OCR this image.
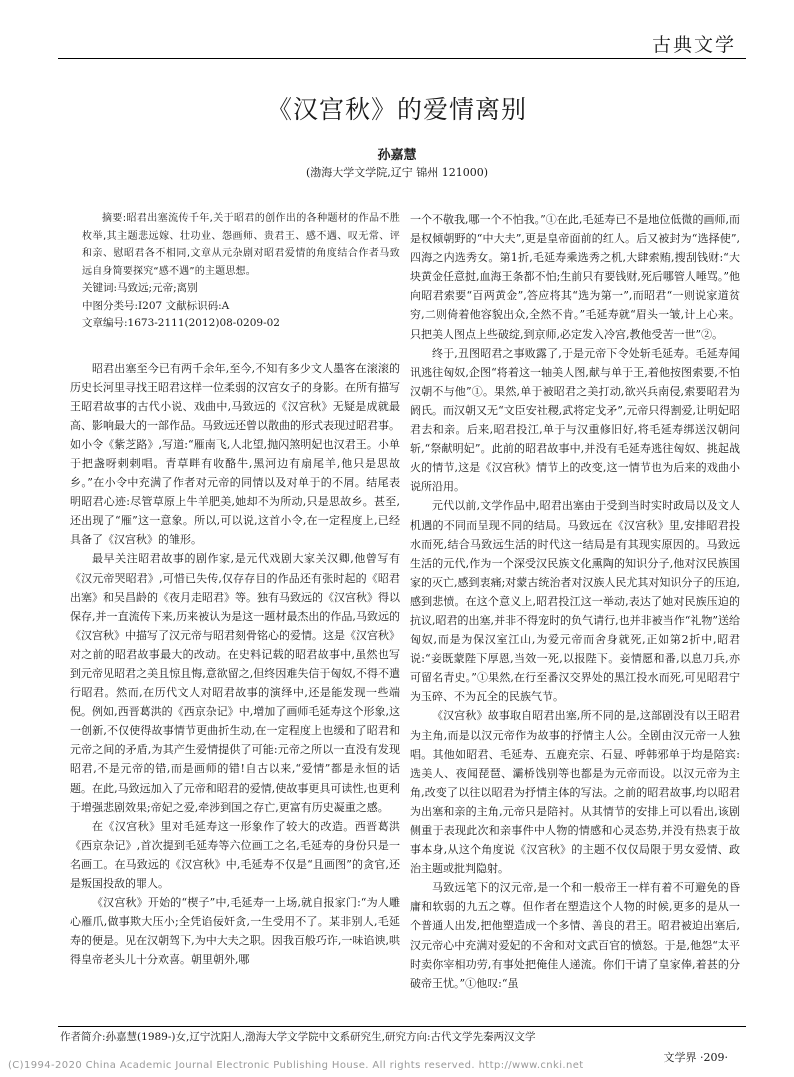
古典文学
《汉宫秋》的爱情离别
孙嘉慧
(渤海大学文学院,辽宁 锦州 121000)

摘要:昭君出塞流传千年,关于昭君的创作出的各种题材的作品不胜枚举,其主题悲远嫁、壮功业、怨画师、贵君王、感不遇、叹无常、评和亲、慰昭君各不相同,文章从元杂剧对昭君爱情的角度结合作者马致远自身简要探究“感不遇”的主题思想。

关键词:马致远;元帝;离别

中图分类号:I207 文献标识码:A

文章编号:1673-2111(2012)08-0209-02

昭君出塞至今已有两千余年,至今,不知有多少文人墨客在滚滚的历史长河里寻找王昭君这样一位柔弱的汉宫女子的身影。在所有描写王昭君故事的古代小说、戏曲中,马致远的《汉宫秋》无疑是成就最高、影响最大的一部作品。马致远还曾以散曲的形式表现过昭君事。如小令《紫芝路》,写道:“雁南飞,人北望,抛闪煞明妃也汉君王。小单于把盏呀剌剌唱。青草畔有收酪牛,黑河边有扇尾羊,他只是思故乡。”在小令中充满了作者对元帝的同情以及对单于的不屑。结尾表明昭君心迹:尽管草原上牛羊肥美,她却不为所动,只是思故乡。甚至,还出现了“雁”这一意象。所以,可以说,这首小令,在一定程度上,已经具备了《汉宫秋》的雏形。

最早关注昭君故事的剧作家,是元代戏剧大家关汉卿,他曾写有《汉元帝哭昭君》,可惜已失传,仅存存目的作品还有张时起的《昭君出塞》和吴昌龄的《夜月走昭君》等。独有马致远的《汉宫秋》得以保存,并一直流传下来,历来被认为是这一题材最杰出的作品,马致远的《汉宫秋》中描写了汉元帝与昭君刻骨铭心的爱情。这是《汉宫秋》对之前的昭君故事最大的改动。在史料记载的昭君故事中,虽然也写到元帝见昭君之美且惊且悔,意欲留之,但终因难失信于匈奴,不得不遣行昭君。然而,在历代文人对昭君故事的演绎中,还是能发现一些端倪。例如,西晋葛洪的《西京杂记》中,增加了画师毛延寿这个形象,这一创新,不仅使得故事情节更曲折生动,在一定程度上也缓和了昭君和元帝之间的矛盾,为其产生爱情提供了可能:元帝之所以一直没有发现昭君,不是元帝的错,而是画师的错!自古以来,“爱情”都是永恒的话题。在此,马致远加入了元帝和昭君的爱情,使故事更具可读性,也更利于增强悲剧效果;帝妃之爱,牵涉到国之存亡,更富有历史凝重之感。

在《汉宫秋》里对毛延寿这一形象作了较大的改造。西晋葛洪《西京杂记》,首次提到毛延寿等六位画工之名,毛延寿的身份只是一名画工。在马致远的《汉宫秋》中,毛延寿不仅是“且画图”的贪官,还是叛国投敌的罪人。

《汉宫秋》开始的“楔子”中,毛延寿一上场,就自报家门:“为人雕心雁爪,做事欺大压小;全凭谄佞奸贪,一生受用不了。某非别人,毛延寿的便是。见在汉朝驾下,为中大夫之职。因我百般巧诈,一味谄谀,哄得皇帝老头儿十分欢喜。朝里朝外,哪

一个不敬我,哪一个不怕我。”①在此,毛延寿已不是地位低微的画师,而是权倾朝野的“中大夫”,更是皇帝面前的红人。后又被封为“选择使”,四海之内选秀女。第1折,毛延寿乘选秀之机,大肆索贿,搜刮钱财:“大块黄金任意挝,血海王条都不怕;生前只有要钱财,死后哪管人唾骂。”他向昭君索要“百两黄金”,答应将其“选为第一”,而昭君“一则说家道贫穷,二则倚着他容貌出众,全然不肯。”毛延寿就“眉头一皱,计上心来。只把美人图点上些破绽,到京师,必定发入冷宫,教他受苦一世”②。

终于,丑图昭君之事败露了,于是元帝下令处斩毛延寿。毛延寿闻讯逃往匈奴,企图“将着这一轴美人图,献与单于王,着他按图索要,不怕汉朝不与他”①。果然,单于被昭君之美打动,欲兴兵南侵,索要昭君为阏氏。而汉朝又无“文臣安社稷,武将定戈矛”,元帝只得割爱,让明妃昭君去和亲。后来,昭君投江,单于与汉重修旧好,将毛延寿绑送汉朝问斩,“祭献明妃”。此前的昭君故事中,并没有毛延寿逃往匈奴、挑起战火的情节,这是《汉宫秋》情节上的改变,这一情节也为后来的戏曲小说所沿用。

元代以前,文学作品中,昭君出塞由于受到当时实时政局以及文人机遇的不同而呈现不同的结局。马致远在《汉宫秋》里,安排昭君投水而死,结合马致远生活的时代这一结局是有其现实原因的。马致远生活的元代,作为一个深受汉民族文化熏陶的知识分子,他对汉民族国家的灭亡,感到衷痛;对蒙古统治者对汉族人民尤其对知识分子的压迫,感到悲愤。在这个意义上,昭君投江这一举动,表达了她对民族压迫的抗议,昭君的出塞,并非不得宠时的负气请行,也并非被当作“礼物”送给匈奴,而是为保汉室江山,为爱元帝而舍身就死,正如第2折中,昭君说:“妾既蒙陛下厚恩,当效一死,以报陛下。妾情愿和番,以息刀兵,亦可留名青史。”①果然,在行至番汉交界处的黑江投水而死,可见昭君宁为玉碎、不为瓦全的民族气节。

《汉宫秋》故事取自昭君出塞,所不同的是,这部剧没有以王昭君为主角,而是以汉元帝作为故事的抒情主人公。全剧由汉元帝一人独唱。其他如昭君、毛延寿、五鹿充宗、石显、呼韩邪单于均是陪宾:选美人、夜闻琵琶、灞桥饯别等也都是为元帝而设。以汉元帝为主角,改变了以往以昭君为抒情主体的写法。之前的昭君故事,均以昭君为出塞和亲的主角,元帝只是陪衬。从其情节的安排上可以看出,该剧侧重于表现此次和亲事件中人物的情感和心灵态势,并没有热衷于故事本身,从这个角度说《汉宫秋》的主题不仅仅局限于男女爱情、政治主题或批判隐射。

马致远笔下的汉元帝,是一个和一般帝王一样有着不可避免的昏庸和软弱的九五之尊。但作者在塑造这个人物的时候,更多的是从一个普通人出发,把他塑造成一个多情、善良的君王。昭君被迫出塞后,汉元帝心中充满对爱妃的不舍和对文武百官的愤怒。于是,他怨“太平时卖你宰相功劳,有事处把俺佳人递流。你们干请了皇家俸,着甚的分破帝王忧。”①他叹:“虽

作者简介:孙嘉慧(1989-)女,辽宁沈阳人,渤海大学文学院中文系研究生,研究方向:古代文学先秦两汉文学
文学界 ·209·
(C)1994-2020 China Academic Journal Electronic Publishing House. All rights reserved. http://www.cnki.net
